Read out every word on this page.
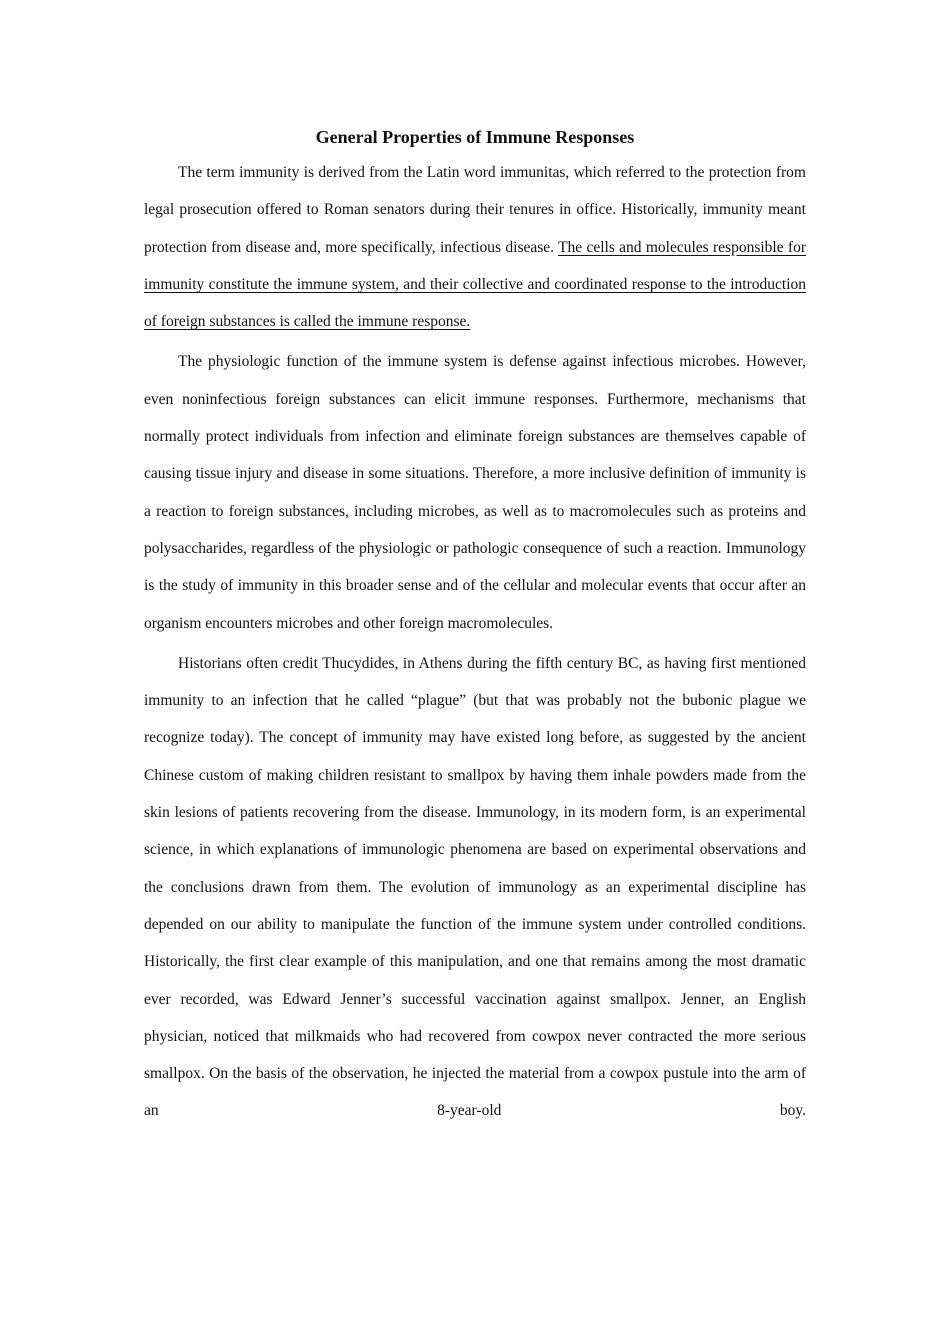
General Properties of Immune Responses

The term immunity is derived from the Latin word immunitas, which referred to the protection from legal prosecution offered to Roman senators during their tenures in office. Historically, immunity meant protection from disease and, more specifically, infectious disease. The cells and molecules responsible for immunity constitute the immune system, and their collective and coordinated response to the introduction of foreign substances is called the immune response.

The physiologic function of the immune system is defense against infectious microbes. However, even noninfectious foreign substances can elicit immune responses. Furthermore, mechanisms that normally protect individuals from infection and eliminate foreign substances are themselves capable of causing tissue injury and disease in some situations. Therefore, a more inclusive definition of immunity is a reaction to foreign substances, including microbes, as well as to macromolecules such as proteins and polysaccharides, regardless of the physiologic or pathologic consequence of such a reaction. Immunology is the study of immunity in this broader sense and of the cellular and molecular events that occur after an organism encounters microbes and other foreign macromolecules.

Historians often credit Thucydides, in Athens during the fifth century BC, as having first mentioned immunity to an infection that he called “plague” (but that was probably not the bubonic plague we recognize today). The concept of immunity may have existed long before, as suggested by the ancient Chinese custom of making children resistant to smallpox by having them inhale powders made from the skin lesions of patients recovering from the disease. Immunology, in its modern form, is an experimental science, in which explanations of immunologic phenomena are based on experimental observations and the conclusions drawn from them. The evolution of immunology as an experimental discipline has depended on our ability to manipulate the function of the immune system under controlled conditions. Historically, the first clear example of this manipulation, and one that remains among the most dramatic ever recorded, was Edward Jenner’s successful vaccination against smallpox. Jenner, an English physician, noticed that milkmaids who had recovered from cowpox never contracted the more serious smallpox. On the basis of the observation, he injected the material from a cowpox pustule into the arm of an 8-year-old boy.
